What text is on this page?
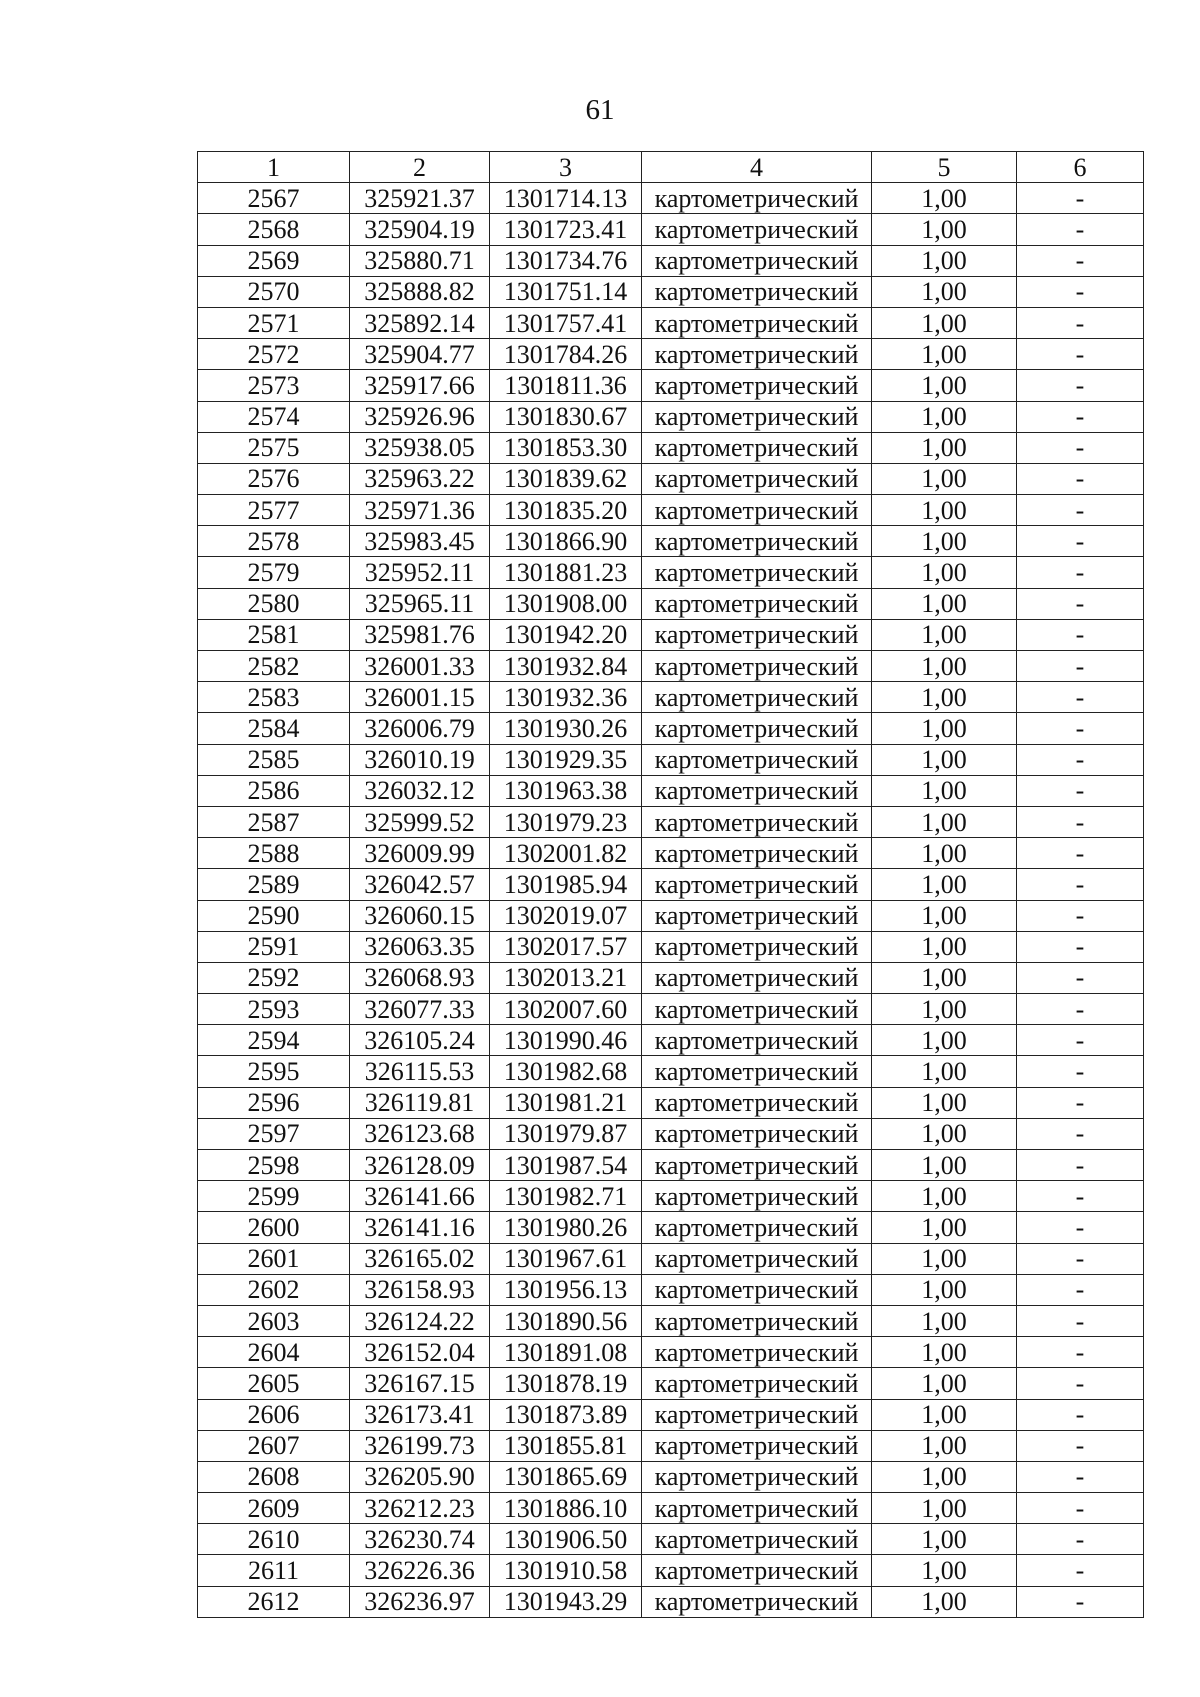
61
1	2	3	4	5	6
2567	325921.37	1301714.13	картометрический	1,00	-
2568	325904.19	1301723.41	картометрический	1,00	-
2569	325880.71	1301734.76	картометрический	1,00	-
2570	325888.82	1301751.14	картометрический	1,00	-
2571	325892.14	1301757.41	картометрический	1,00	-
2572	325904.77	1301784.26	картометрический	1,00	-
2573	325917.66	1301811.36	картометрический	1,00	-
2574	325926.96	1301830.67	картометрический	1,00	-
2575	325938.05	1301853.30	картометрический	1,00	-
2576	325963.22	1301839.62	картометрический	1,00	-
2577	325971.36	1301835.20	картометрический	1,00	-
2578	325983.45	1301866.90	картометрический	1,00	-
2579	325952.11	1301881.23	картометрический	1,00	-
2580	325965.11	1301908.00	картометрический	1,00	-
2581	325981.76	1301942.20	картометрический	1,00	-
2582	326001.33	1301932.84	картометрический	1,00	-
2583	326001.15	1301932.36	картометрический	1,00	-
2584	326006.79	1301930.26	картометрический	1,00	-
2585	326010.19	1301929.35	картометрический	1,00	-
2586	326032.12	1301963.38	картометрический	1,00	-
2587	325999.52	1301979.23	картометрический	1,00	-
2588	326009.99	1302001.82	картометрический	1,00	-
2589	326042.57	1301985.94	картометрический	1,00	-
2590	326060.15	1302019.07	картометрический	1,00	-
2591	326063.35	1302017.57	картометрический	1,00	-
2592	326068.93	1302013.21	картометрический	1,00	-
2593	326077.33	1302007.60	картометрический	1,00	-
2594	326105.24	1301990.46	картометрический	1,00	-
2595	326115.53	1301982.68	картометрический	1,00	-
2596	326119.81	1301981.21	картометрический	1,00	-
2597	326123.68	1301979.87	картометрический	1,00	-
2598	326128.09	1301987.54	картометрический	1,00	-
2599	326141.66	1301982.71	картометрический	1,00	-
2600	326141.16	1301980.26	картометрический	1,00	-
2601	326165.02	1301967.61	картометрический	1,00	-
2602	326158.93	1301956.13	картометрический	1,00	-
2603	326124.22	1301890.56	картометрический	1,00	-
2604	326152.04	1301891.08	картометрический	1,00	-
2605	326167.15	1301878.19	картометрический	1,00	-
2606	326173.41	1301873.89	картометрический	1,00	-
2607	326199.73	1301855.81	картометрический	1,00	-
2608	326205.90	1301865.69	картометрический	1,00	-
2609	326212.23	1301886.10	картометрический	1,00	-
2610	326230.74	1301906.50	картометрический	1,00	-
2611	326226.36	1301910.58	картометрический	1,00	-
2612	326236.97	1301943.29	картометрический	1,00	-
